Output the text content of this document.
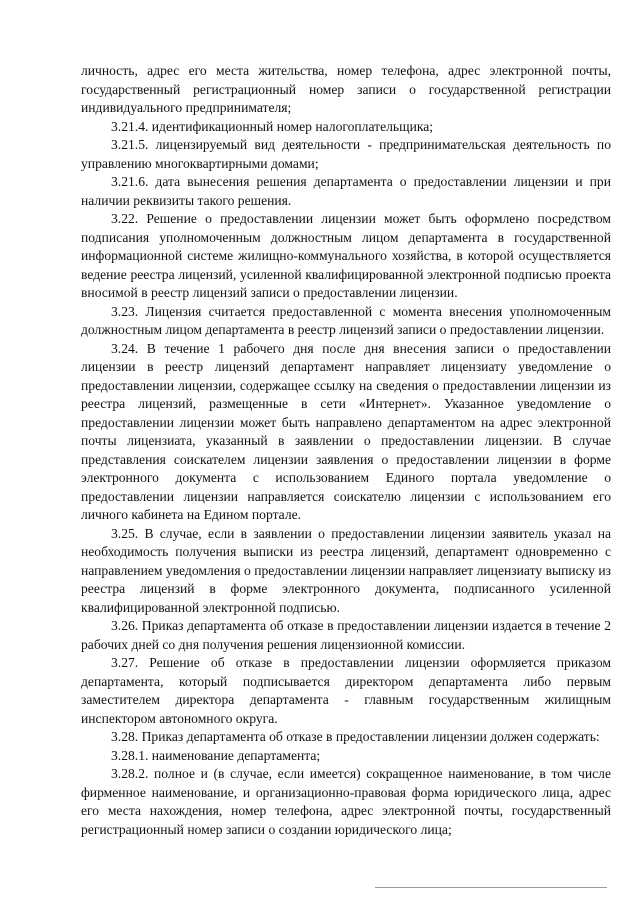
личность, адрес его места жительства, номер телефона, адрес электронной почты, государственный регистрационный номер записи о государственной регистрации индивидуального предпринимателя;

3.21.4. идентификационный номер налогоплательщика;

3.21.5. лицензируемый вид деятельности - предпринимательская деятельность по управлению многоквартирными домами;

3.21.6. дата вынесения решения департамента о предоставлении лицензии и при наличии реквизиты такого решения.

3.22. Решение о предоставлении лицензии может быть оформлено посредством подписания уполномоченным должностным лицом департамента в государственной информационной системе жилищно-коммунального хозяйства, в которой осуществляется ведение реестра лицензий, усиленной квалифицированной электронной подписью проекта вносимой в реестр лицензий записи о предоставлении лицензии.

3.23. Лицензия считается предоставленной с момента внесения уполномоченным должностным лицом департамента в реестр лицензий записи о предоставлении лицензии.

3.24. В течение 1 рабочего дня после дня внесения записи о предоставлении лицензии в реестр лицензий департамент направляет лицензиату уведомление о предоставлении лицензии, содержащее ссылку на сведения о предоставлении лицензии из реестра лицензий, размещенные в сети «Интернет». Указанное уведомление о предоставлении лицензии может быть направлено департаментом на адрес электронной почты лицензиата, указанный в заявлении о предоставлении лицензии. В случае представления соискателем лицензии заявления о предоставлении лицензии в форме электронного документа с использованием Единого портала уведомление о предоставлении лицензии направляется соискателю лицензии с использованием его личного кабинета на Едином портале.

3.25. В случае, если в заявлении о предоставлении лицензии заявитель указал на необходимость получения выписки из реестра лицензий, департамент одновременно с направлением уведомления о предоставлении лицензии направляет лицензиату выписку из реестра лицензий в форме электронного документа, подписанного усиленной квалифицированной электронной подписью.

3.26. Приказ департамента об отказе в предоставлении лицензии издается в течение 2 рабочих дней со дня получения решения лицензионной комиссии.

3.27. Решение об отказе в предоставлении лицензии оформляется приказом департамента, который подписывается директором департамента либо первым заместителем директора департамента - главным государственным жилищным инспектором автономного округа.

3.28. Приказ департамента об отказе в предоставлении лицензии должен содержать:

3.28.1. наименование департамента;

3.28.2. полное и (в случае, если имеется) сокращенное наименование, в том числе фирменное наименование, и организационно-правовая форма юридического лица, адрес его места нахождения, номер телефона, адрес электронной почты, государственный регистрационный номер записи о создании юридического лица;
